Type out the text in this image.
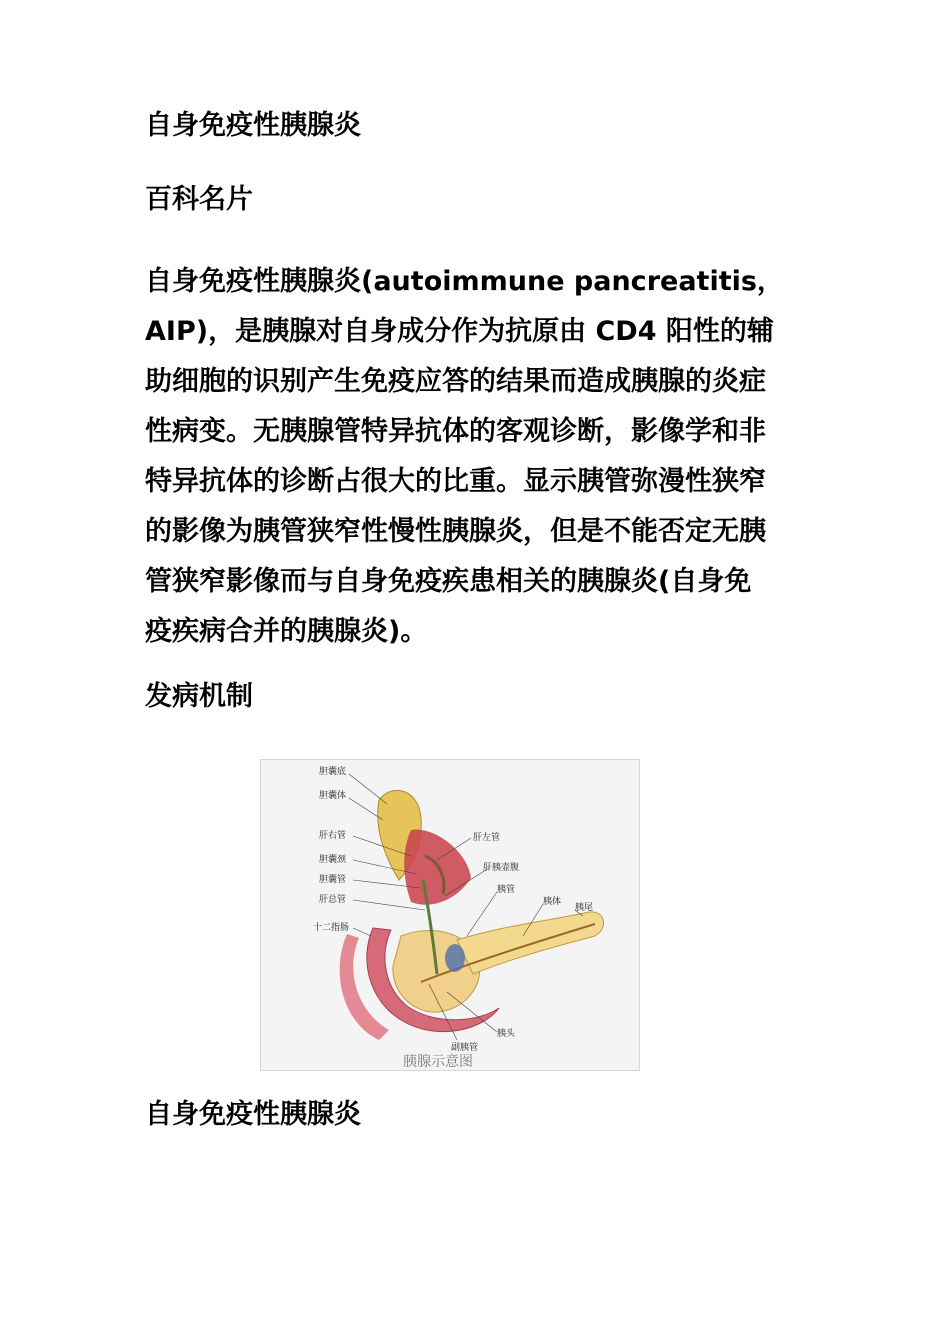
自身免疫性胰腺炎
百科名片

自身免疫性胰腺炎(autoimmune pancreatitis，
AIP)，是胰腺对自身成分作为抗原由 CD4 阳性的辅
助细胞的识别产生免疫应答的结果而造成胰腺的炎症
性病变。无胰腺管特异抗体的客观诊断，影像学和非
特异抗体的诊断占很大的比重。显示胰管弥漫性狭窄
的影像为胰管狭窄性慢性胰腺炎，但是不能否定无胰
管狭窄影像而与自身免疫疾患相关的胰腺炎(自身免
疫疾病合并的胰腺炎)。

发病机制
胆囊底
胆囊体
肝右管
胆囊颈
胆囊管
肝总管
十二指肠
肝左管
肝胰壶腹
胰管
胰体
胰尾
胰头
副胰管
胰腺示意图
自身免疫性胰腺炎
